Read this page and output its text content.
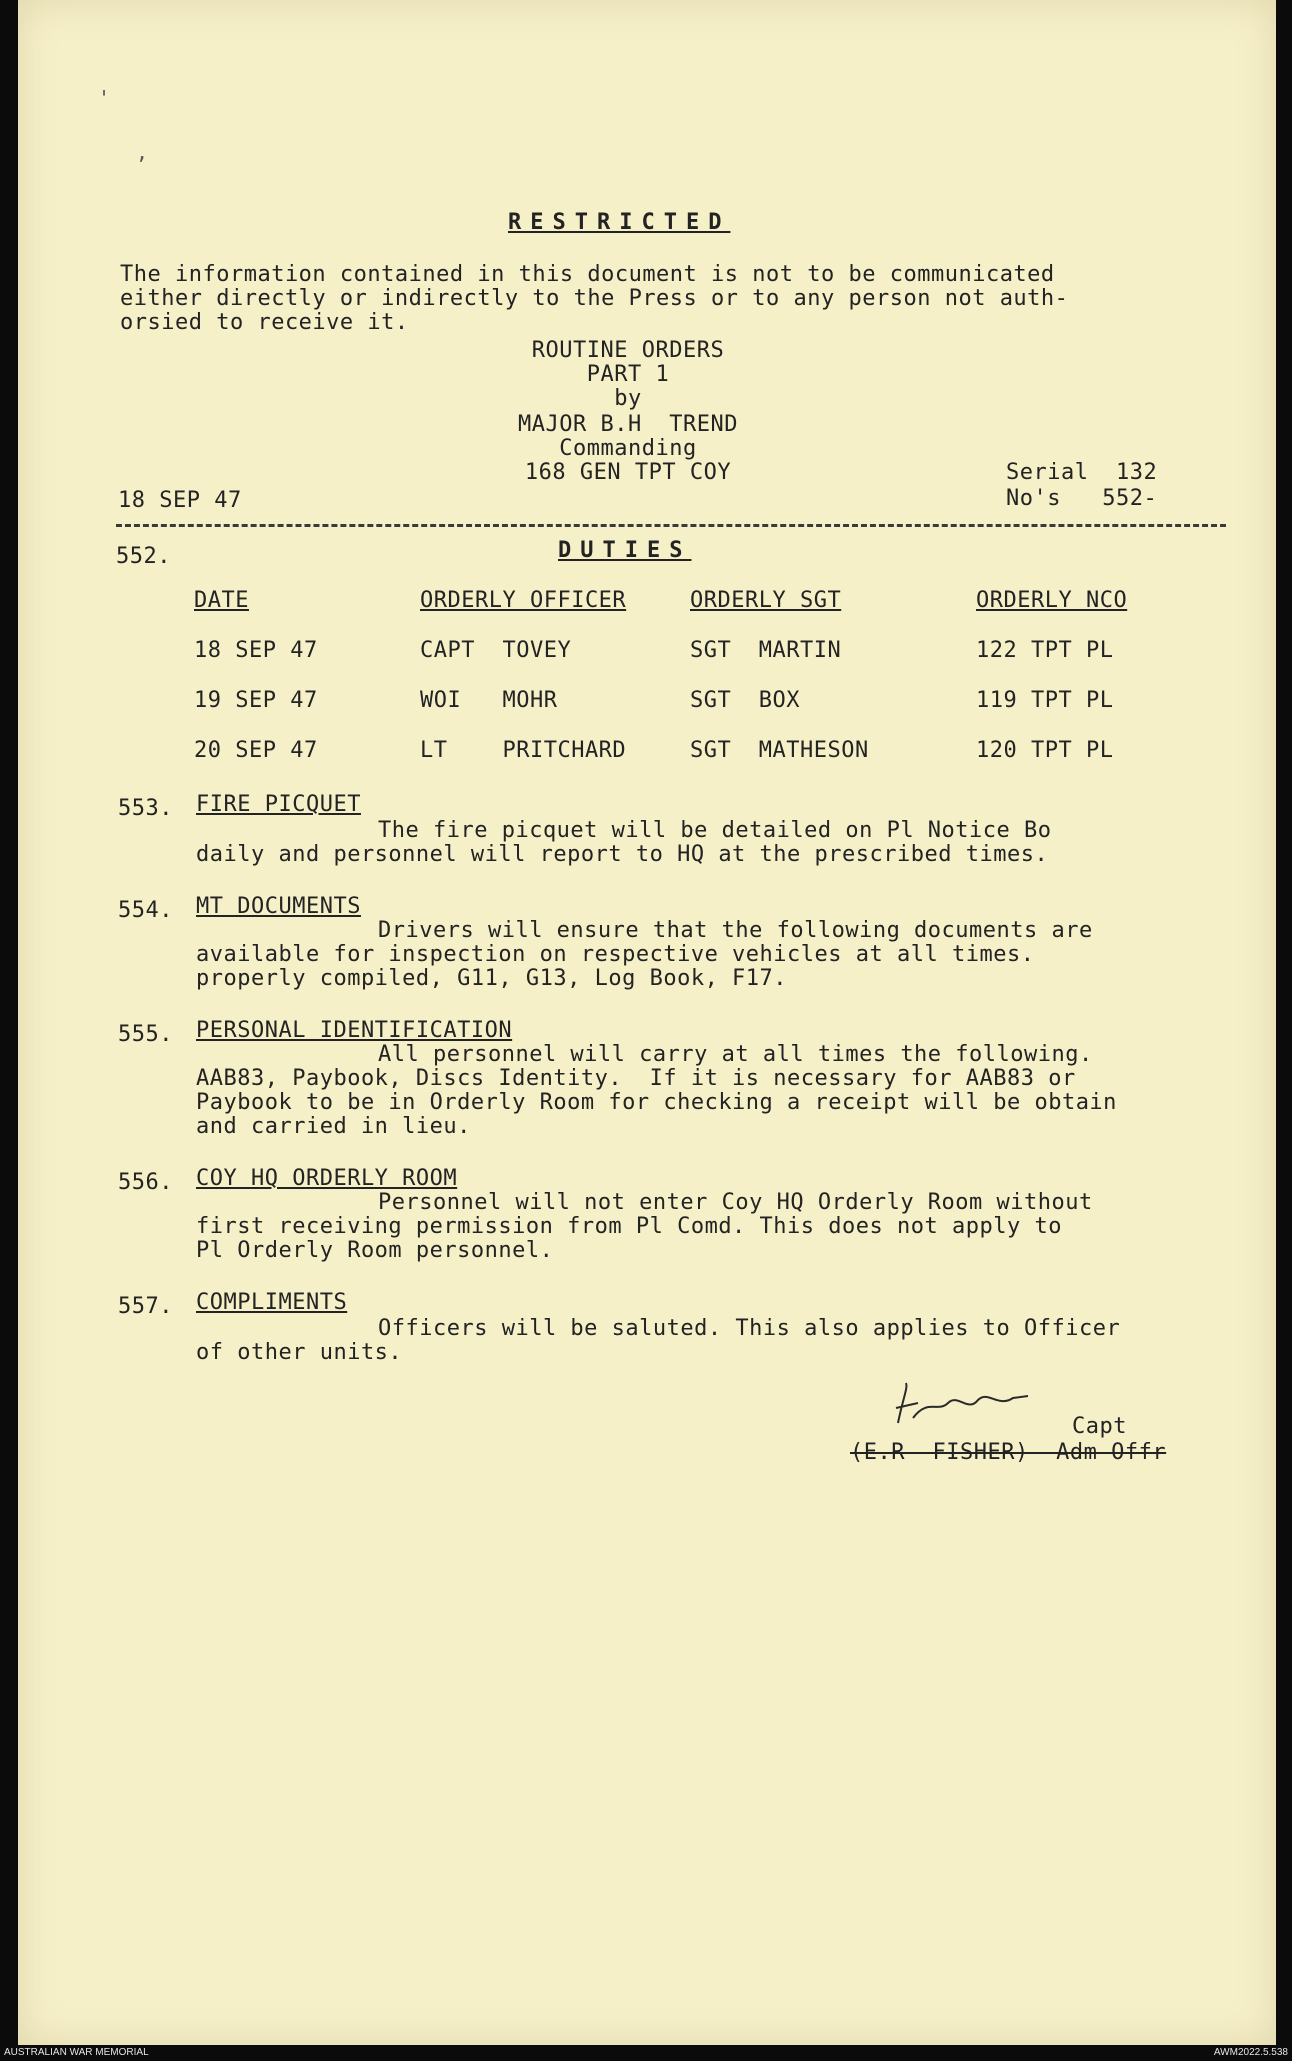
'
,
RESTRICTED
The information contained in this document is not to be communicated
either directly or indirectly to the Press or to any person not auth-
orsied to receive it.
ROUTINE ORDERS
PART 1
by
MAJOR B.H  TREND
Commanding
168 GEN TPT COY
18 SEP 47
Serial  132
No's   552-
552.	DUTIES
DATE	ORDERLY OFFICER	ORDERLY SGT	ORDERLY NCO
18 SEP 47	CAPT  TOVEY	SGT  MARTIN	122 TPT PL
19 SEP 47	WOI   MOHR	SGT  BOX	119 TPT PL
20 SEP 47	LT    PRITCHARD	SGT  MATHESON	120 TPT PL
553. FIRE PICQUET
The fire picquet will be detailed on Pl Notice Bo
daily and personnel will report to HQ at the prescribed times.
554. MT DOCUMENTS
Drivers will ensure that the following documents are
available for inspection on respective vehicles at all times.
properly compiled, G11, G13, Log Book, F17.
555. PERSONAL IDENTIFICATION
All personnel will carry at all times the following.
AAB83, Paybook, Discs Identity.  If it is necessary for AAB83 or
Paybook to be in Orderly Room for checking a receipt will be obtain
and carried in lieu.
556. COY HQ ORDERLY ROOM
Personnel will not enter Coy HQ Orderly Room without
first receiving permission from Pl Comd. This does not apply to
Pl Orderly Room personnel.
557. COMPLIMENTS
Officers will be saluted. This also applies to Officer
of other units.
Capt
(E.R  FISHER)  Adm Offr
AUSTRALIAN WAR MEMORIAL	AWM2022.5.538
